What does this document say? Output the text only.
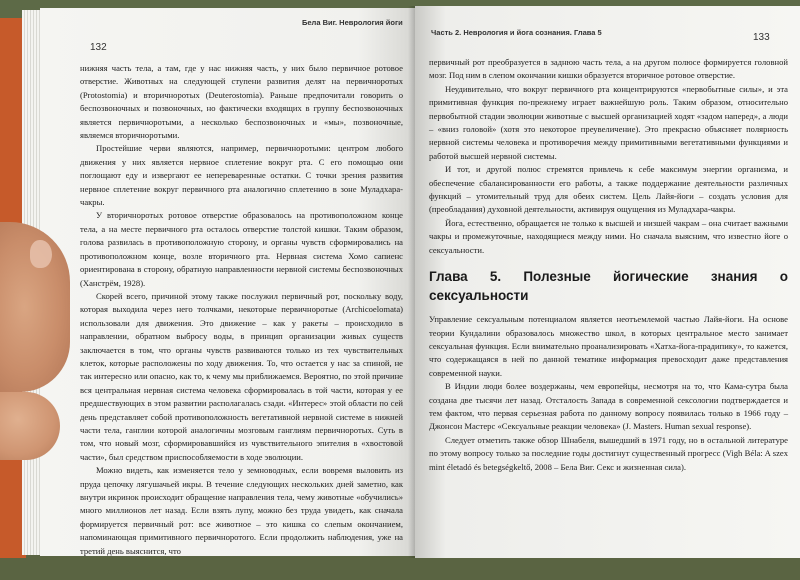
Бела Виг. Неврология йоги
132

нижняя часть тела, а там, где у нас нижняя часть, у них было первичное ротовое отверстие. Животных на следующей ступени развития делят на первичноротых (Protostomia) и вторичноротых (Deuterostomia). Раньше предпочитали говорить о беспозвоночных и позвоночных, но фактически входящих в группу беспозвоночных является первичноротыми, а несколько беспозвоночных и «мы», позвоночные, являемся вторичноротыми.

Простейшие черви являются, например, первичноротыми: центром любого движения у них является нервное сплетение вокруг рта. С его помощью они поглощают еду и извергают ее непереваренные остатки. С точки зрения развития нервное сплетение вокруг первичного рта аналогично сплетению в зоне Муладхара-чакры.

У вторичноротых ротовое отверстие образовалось на противоположном конце тела, а на месте первичного рта осталось отверстие толстой кишки. Таким образом, голова развилась в противоположную сторону, и органы чувств сформировались на противоположном конце, возле вторичного рта. Нервная система Хомо сапиенс ориентирована в сторону, обратную направленности нервной системы беспозвоночных (Ханстрём, 1928).

Скорей всего, причиной этому также послужил первичный рот, поскольку воду, которая выходила через него толчками, некоторые первичноротые (Archicoelomata) использовали для движения. Это движение – как у ракеты – происходило в направлении, обратном выбросу воды, в принцип организации живых существ заключается в том, что органы чувств развиваются только из тех чувствительных клеток, которые расположены по ходу движения. То, что остается у нас за спиной, не так интересно или опасно, как то, к чему мы приближаемся. Вероятно, по этой причине вся центральная нервная система человека сформировалась в той части, которая у ее предшествующих в этом развитии располагалась сзади. «Интерес» этой области по сей день представляет собой противоположность вегетативной нервной системе в нижней части тела, ганглии которой аналогичны мозговым ганглиям первичноротых. Суть в том, что новый мозг, сформировавшийся из чувствительного эпителия в «хвостовой части», был средством приспособляемости в ходе эволюции.

Можно видеть, как изменяется тело у земноводных, если вовремя выловить из пруда цепочку лягушачьей икры. В течение следующих нескольких дней заметно, как внутри икринок происходит обращение направления тела, чему животные «обучились» много миллионов лет назад. Если взять лупу, можно без труда увидеть, как сначала формируется первичный рот: все животное – это кишка со слепым окончанием, напоминающая примитивного первичноротого. Если продолжить наблюдения, уже на третий день выяснится, что

Часть 2. Неврология и йога сознания. Глава 5	133

первичный рот преобразуется в заднюю часть тела, а на другом полюсе формируется головной мозг. Под ним в слепом окончании кишки образуется вторичное ротовое отверстие.

Неудивительно, что вокруг первичного рта концентрируются «первобытные силы», и эта примитивная функция по-прежнему играет важнейшую роль. Таким образом, относительно первобытной стадии эволюции животные с высшей организацией ходят «задом наперед», а люди – «вниз головой» (хотя это некоторое преувеличение). Это прекрасно объясняет полярность нервной системы человека и противоречия между примитивными вегетативными функциями и работой высшей нервной системы.

И тот, и другой полюс стремятся привлечь к себе максимум энергии организма, и обеспечение сбалансированности его работы, а также поддержание деятельности различных функций – утомительный труд для обеих систем. Цель Лайя-йоги – создать условия для (преобладания) духовной деятельности, активируя ощущения из Муладхара-чакры.

Йога, естественно, обращается не только к высшей и низшей чакрам – она считает важными чакры и промежуточные, находящиеся между ними. Но сначала выясним, что известно йоге о сексуальности.

Глава 5. Полезные йогические знания о сексуальности

Управление сексуальным потенциалом является неотъемлемой частью Лайя-йоги. На основе теории Кундалини образовалось множество школ, в которых центральное место занимает сексуальная функция. Если внимательно проанализировать «Хатха-йога-прадипику», то кажется, что содержащаяся в ней по данной тематике информация превосходит даже представления современной науки.

В Индии люди более воздержаны, чем европейцы, несмотря на то, что Кама-сутра была создана две тысячи лет назад. Отсталость Запада в современной сексологии подтверждается и тем фактом, что первая серьезная работа по данному вопросу появилась только в 1966 году – Джонсон Мастерс «Сексуальные реакции человека» (J. Masters. Human sexual response).

Следует отметить также обзор Шнабеля, вышедший в 1971 году, но в остальной литературе по этому вопросу только за последние годы достигнут существенный прогресс (Vigh Béla: A szex mint életadó és betegségkeltő, 2008 – Бела Виг. Секс и жизненная сила).
